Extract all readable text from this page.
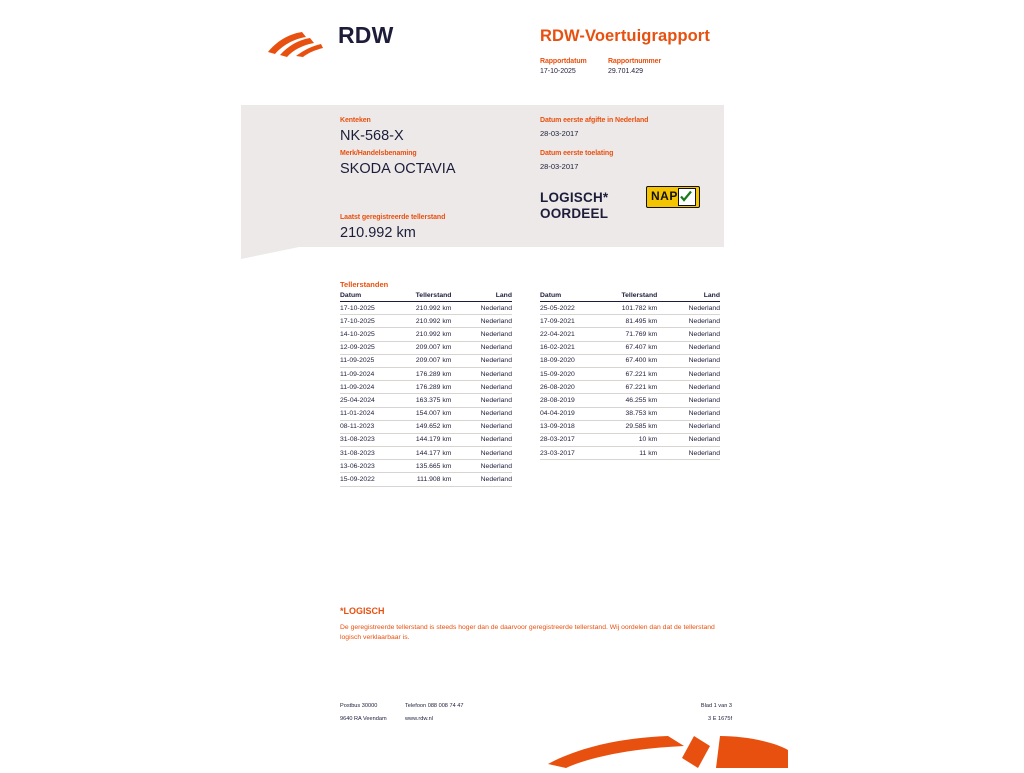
RDW	RDW-Voertuigrapport
Rapportdatum
17-10-2025

Rapportnummer
29.701.429
Kenteken
NK-568-X
Merk/Handelsbenaming
SKODA OCTAVIA
Laatst geregistreerde tellerstand
210.992 km
Datum eerste afgifte in Nederland
28-03-2017
Datum eerste toelating
28-03-2017
LOGISCH*
OORDEEL
NAP
Tellerstanden
Datum	Tellerstand	Land
17-10-2025	210.992 km	Nederland
17-10-2025	210.992 km	Nederland
14-10-2025	210.992 km	Nederland
12-09-2025	209.007 km	Nederland
11-09-2025	209.007 km	Nederland
11-09-2024	176.289 km	Nederland
11-09-2024	176.289 km	Nederland
25-04-2024	163.375 km	Nederland
11-01-2024	154.007 km	Nederland
08-11-2023	149.652 km	Nederland
31-08-2023	144.179 km	Nederland
31-08-2023	144.177 km	Nederland
13-06-2023	135.665 km	Nederland
15-09-2022	111.908 km	Nederland
Datum	Tellerstand	Land
25-05-2022	101.782 km	Nederland
17-09-2021	81.495 km	Nederland
22-04-2021	71.769 km	Nederland
16-02-2021	67.407 km	Nederland
18-09-2020	67.400 km	Nederland
15-09-2020	67.221 km	Nederland
26-08-2020	67.221 km	Nederland
28-08-2019	46.255 km	Nederland
04-04-2019	38.753 km	Nederland
13-09-2018	29.585 km	Nederland
28-03-2017	10 km	Nederland
23-03-2017	11 km	Nederland
*LOGISCH
De geregistreerde tellerstand is steeds hoger dan de daarvoor geregistreerde tellerstand. Wij oordelen dan dat de tellerstand logisch verklaarbaar is.
Postbus 30000	Telefoon 088 008 74 47	Blad 1 van 3
9640 RA Veendam	www.rdw.nl	3 E 1675f
